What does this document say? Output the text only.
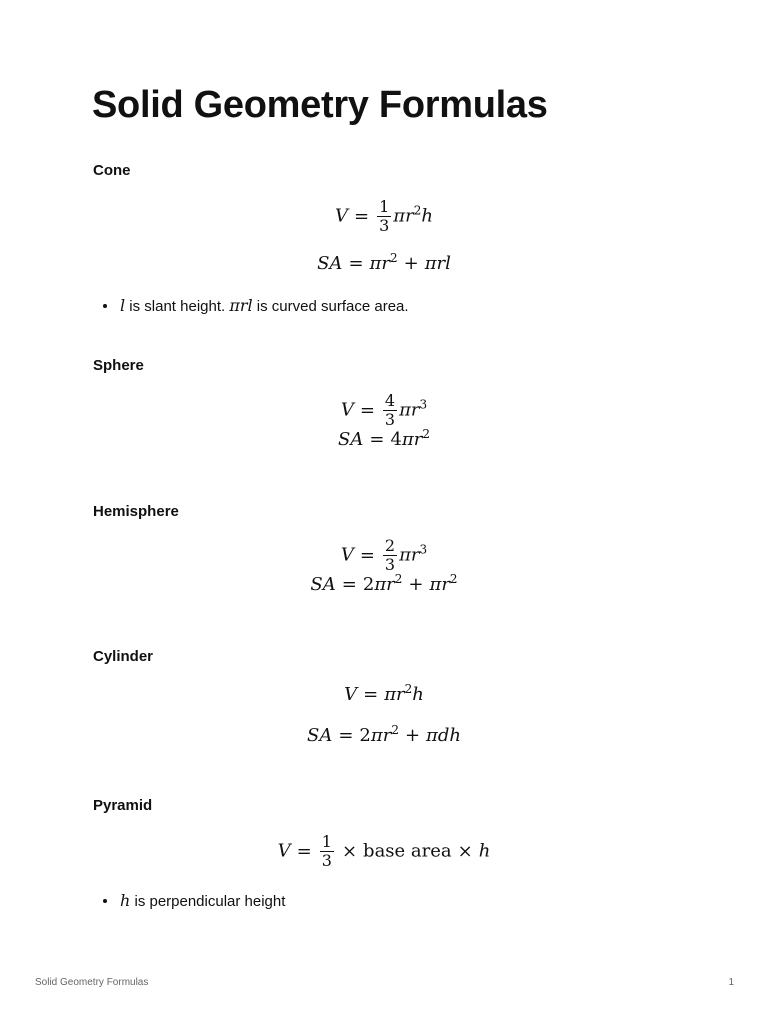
Solid Geometry Formulas
Cone
$V = \frac{1}{3} \pi r^2h$
SA = $\pi r^2 + \pi rl$
l is slant height. πrl is curved surface area.
Sphere
$V = \frac{4}{3} \pi r^3$
SA = $4\pi r^2$
Hemisphere
$V = \frac{2}{3} \pi r^3$
SA = $2\pi r^2 + \pi r^2$
Cylinder
$V = \pi r^2h$
SA = $2\pi r^2 + \pi dh$
Pyramid
$V = \frac{1}{3}$ × base area × h
h is perpendicular height
Solid Geometry Formulas	1
